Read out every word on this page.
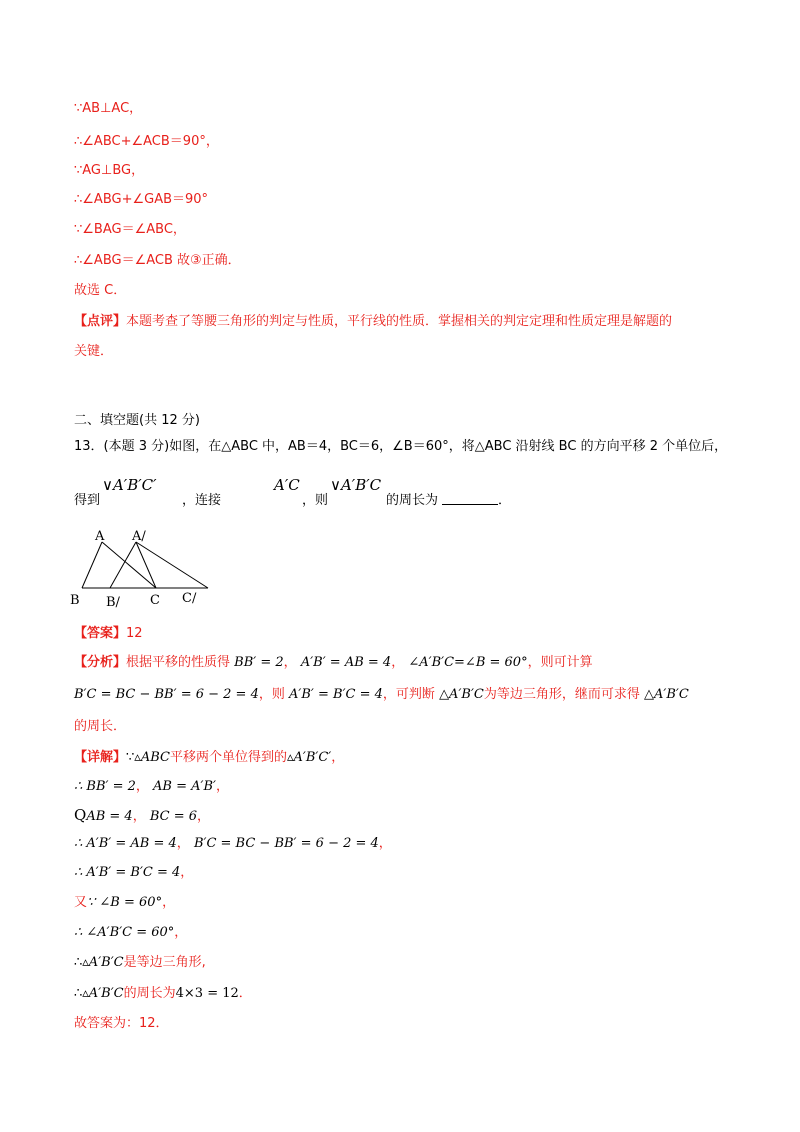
∵AB⊥AC，
∴∠ABC+∠ACB＝90°，
∵AG⊥BG，
∴∠ABG+∠GAB＝90°
∵∠BAG＝∠ABC，
∴∠ABG＝∠ACB 故③正确．
故选 C．
【点评】本题考查了等腰三角形的判定与性质，平行线的性质．掌握相关的判定定理和性质定理是解题的
关键．
二、填空题(共 12 分)
13．(本题 3 分)如图，在△ABC 中，AB＝4，BC＝6，∠B＝60°，将△ABC 沿射线 BC 的方向平移 2 个单位后，
得到
∨A′B′C′
，连接
A′C
，则
∨A′B′C
的周长为	．
A A/
B B/ C C/
【答案】12
【分析】根据平移的性质得 BB′ = 2， A′B′ = AB = 4， ∠A′B′C=∠B = 60°，则可计算
B′C = BC − BB′ = 6 − 2 = 4，则 A′B′ = B′C = 4，可判断 △A′B′C为等边三角形，继而可求得 △A′B′C
的周长．
【详解】∵▵ABC平移两个单位得到的▵A′B′C′，
∴ BB′ = 2， AB = A′B′，
QAB = 4， BC = 6，
∴ A′B′ = AB = 4， B′C = BC − BB′ = 6 − 2 = 4，
∴ A′B′ = B′C = 4，
又∵ ∠B = 60°，
∴ ∠A′B′C = 60°，
∴▵A′B′C是等边三角形,
∴▵A′B′C的周长为4×3 = 12．
故答案为：12．
